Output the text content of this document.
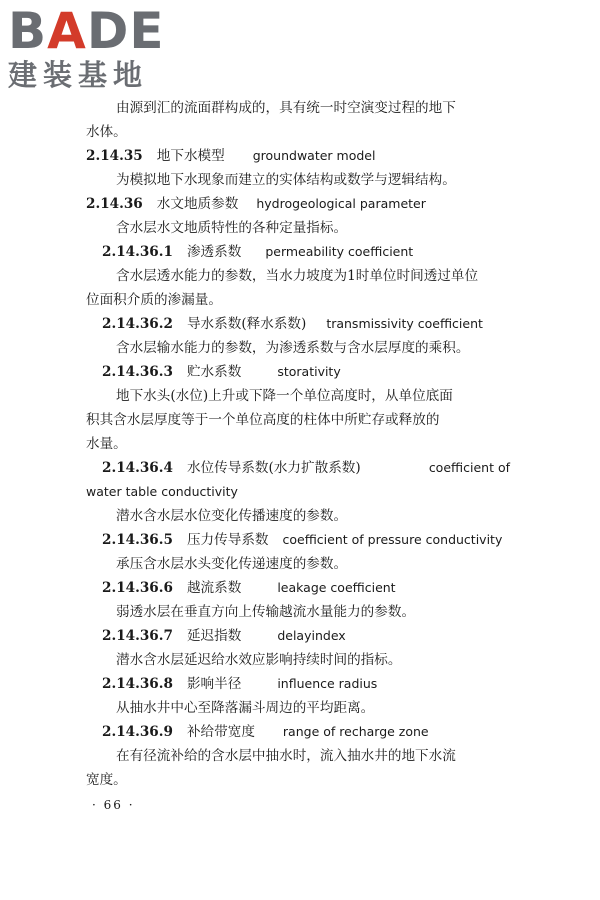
BADE
建装基地
由源到汇的流面群构成的，具有统一时空演变过程的地下
水体。
2.14.35 地下水模型 groundwater model
为模拟地下水现象而建立的实体结构或数学与逻辑结构。
2.14.36 水文地质参数 hydrogeological parameter
含水层水文地质特性的各种定量指标。
2.14.36.1 渗透系数 permeability coefficient
含水层透水能力的参数，当水力坡度为1时单位时间透过单位
位面积介质的渗漏量。
2.14.36.2 导水系数(释水系数) transmissivity coefficient
含水层输水能力的参数，为渗透系数与含水层厚度的乘积。
2.14.36.3 贮水系数	storativity
地下水头(水位)上升或下降一个单位高度时，从单位底面
积其含水层厚度等于一个单位高度的柱体中所贮存或释放的
水量。
2.14.36.4 水位传导系数(水力扩散系数)	coefficient of
water table conductivity
潜水含水层水位变化传播速度的参数。
2.14.36.5 压力传导系数 coefficient of pressure conductivity
承压含水层水头变化传递速度的参数。
2.14.36.6 越流系数	leakage coefficient
弱透水层在垂直方向上传输越流水量能力的参数。
2.14.36.7 延迟指数	delayindex
潜水含水层延迟给水效应影响持续时间的指标。
2.14.36.8 影响半径	influence radius
从抽水井中心至降落漏斗周边的平均距离。
2.14.36.9 补给带宽度 range of recharge zone
在有径流补给的含水层中抽水时，流入抽水井的地下水流
宽度。
· 66 ·
